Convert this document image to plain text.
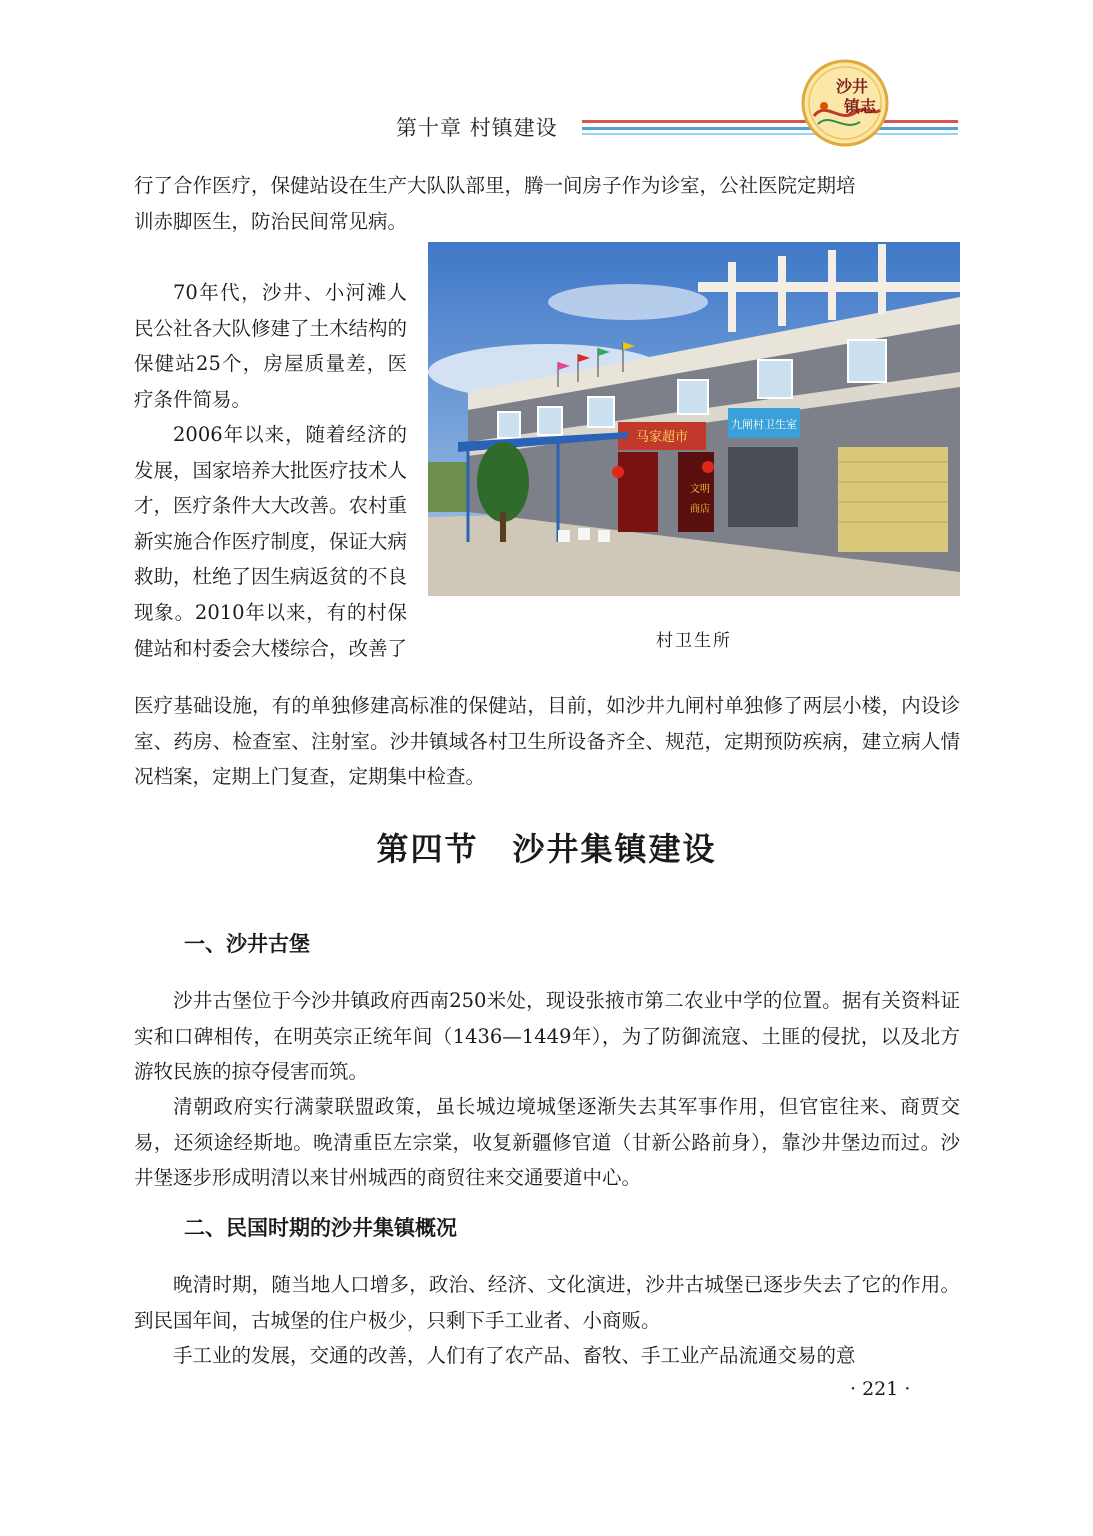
第十章 村镇建设
沙井
镇志

行了合作医疗，保健站设在生产大队队部里，腾一间房子作为诊室，公社医院定期培

训赤脚医生，防治民间常见病。

70年代，沙井、小河滩人民公社各大队修建了土木结构的保健站25个，房屋质量差，医疗条件简易。

2006年以来，随着经济的发展，国家培养大批医疗技术人才，医疗条件大大改善。农村重新实施合作医疗制度，保证大病救助，杜绝了因生病返贫的不良现象。2010年以来，有的村保健站和村委会大楼综合，改善了

马家超市
九闸村卫生室
文明
商店
村卫生所

医疗基础设施，有的单独修建高标准的保健站，目前，如沙井九闸村单独修了两层小楼，内设诊室、药房、检查室、注射室。沙井镇域各村卫生所设备齐全、规范，定期预防疾病，建立病人情况档案，定期上门复查，定期集中检查。

第四节　沙井集镇建设
一、沙井古堡

沙井古堡位于今沙井镇政府西南250米处，现设张掖市第二农业中学的位置。据有关资料证实和口碑相传，在明英宗正统年间（1436—1449年），为了防御流寇、土匪的侵扰，以及北方游牧民族的掠夺侵害而筑。

清朝政府实行满蒙联盟政策，虽长城边境城堡逐渐失去其军事作用，但官宦往来、商贾交易，还须途经斯地。晚清重臣左宗棠，收复新疆修官道（甘新公路前身），靠沙井堡边而过。沙井堡逐步形成明清以来甘州城西的商贸往来交通要道中心。

二、民国时期的沙井集镇概况

晚清时期，随当地人口增多，政治、经济、文化演进，沙井古城堡已逐步失去了它的作用。到民国年间，古城堡的住户极少，只剩下手工业者、小商贩。

手工业的发展，交通的改善，人们有了农产品、畜牧、手工业产品流通交易的意

· 221 ·
